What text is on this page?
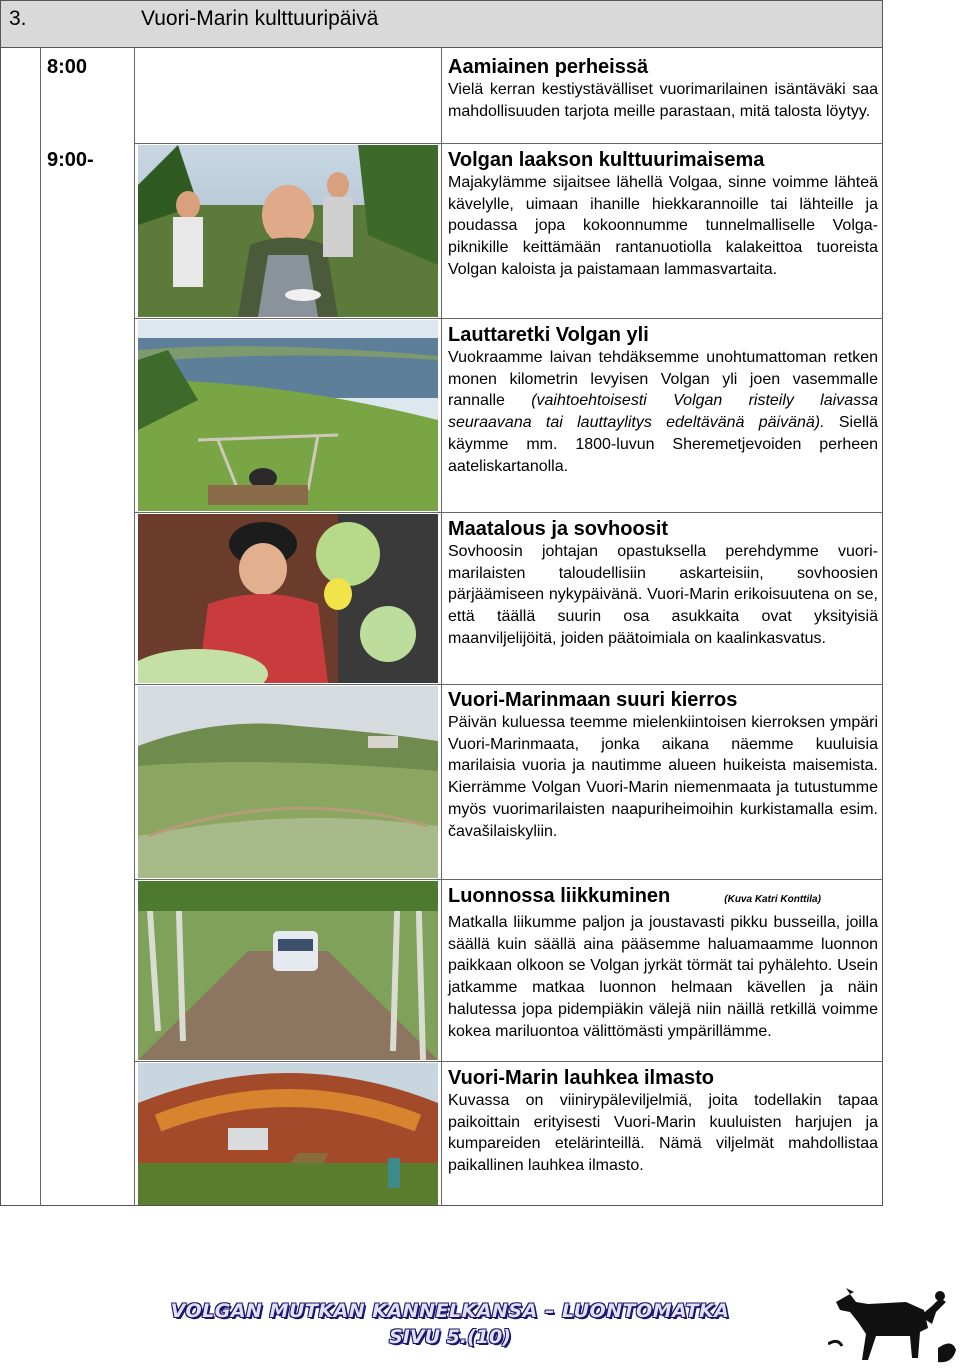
3.	Vuori-Marin kulttuuripäivä
8:00
9:00-
Aamiainen perheissä

Vielä kerran kestiystävälliset vuorimarilainen isäntäväki saa mahdollisuuden tarjota meille parastaan, mitä talosta löytyy.

Volgan laakson kulttuurimaisema

Majakylämme sijaitsee lähellä Volgaa, sinne voimme lähteä kävelylle, uimaan ihanille hiekkarannoille tai lähteille ja poudassa jopa kokoonnumme tunnelmalliselle Volga-piknikille keittämään rantanuotiolla kalakeittoa tuoreista Volgan kaloista ja paistamaan lammasvartaita.

Lauttaretki Volgan yli

Vuokraamme laivan tehdäksemme unohtumattoman retken monen kilometrin levyisen Volgan yli joen vasemmalle rannalle (vaihtoehtoisesti Volgan risteily laivassa seuraavana tai lauttaylitys edeltävänä päivänä). Siellä käymme mm. 1800-luvun Sheremetjevoiden perheen aateliskartanolla.

Maatalous ja sovhoosit

Sovhoosin johtajan opastuksella perehdymme vuori-marilaisten taloudellisiin askarteisiin, sovhoosien pärjäämiseen nykypäivänä. Vuori-Marin erikoisuutena on se, että täällä suurin osa asukkaita ovat yksityisiä maanviljelijöitä, joiden päätoimiala on kaalinkasvatus.

Vuori-Marinmaan suuri kierros

Päivän kuluessa teemme mielenkiintoisen kierroksen ympäri Vuori-Marinmaata, jonka aikana näemme kuuluisia marilaisia vuoria ja nautimme alueen huikeista maisemista. Kierrämme Volgan Vuori-Marin niemenmaata ja tutustumme myös vuorimarilaisten naapuriheimoihin kurkistamalla esim. čavašilaiskyliin.

Luonnossa liikkuminen	(Kuva Katri Konttila)

Matkalla liikumme paljon ja joustavasti pikku busseilla, joilla säällä kuin säällä aina pääsemme haluamaamme luonnon paikkaan olkoon se Volgan jyrkät törmät tai pyhälehto. Usein jatkamme matkaa luonnon helmaan kävellen ja näin halutessa jopa pidempiäkin välejä niin näillä retkillä voimme kokea mariluontoa välittömästi ympärillämme.

Vuori-Marin lauhkea ilmasto

Kuvassa on viinirypäleviljelmiä, joita todellakin tapaa paikoittain erityisesti Vuori-Marin kuuluisten harjujen ja kumpareiden etelärinteillä. Nämä viljelmät mahdollistaa paikallinen lauhkea ilmasto.

VOLGAN MUTKAN KANNELKANSA – LUONTOMATKA
SIVU 5.(10)
